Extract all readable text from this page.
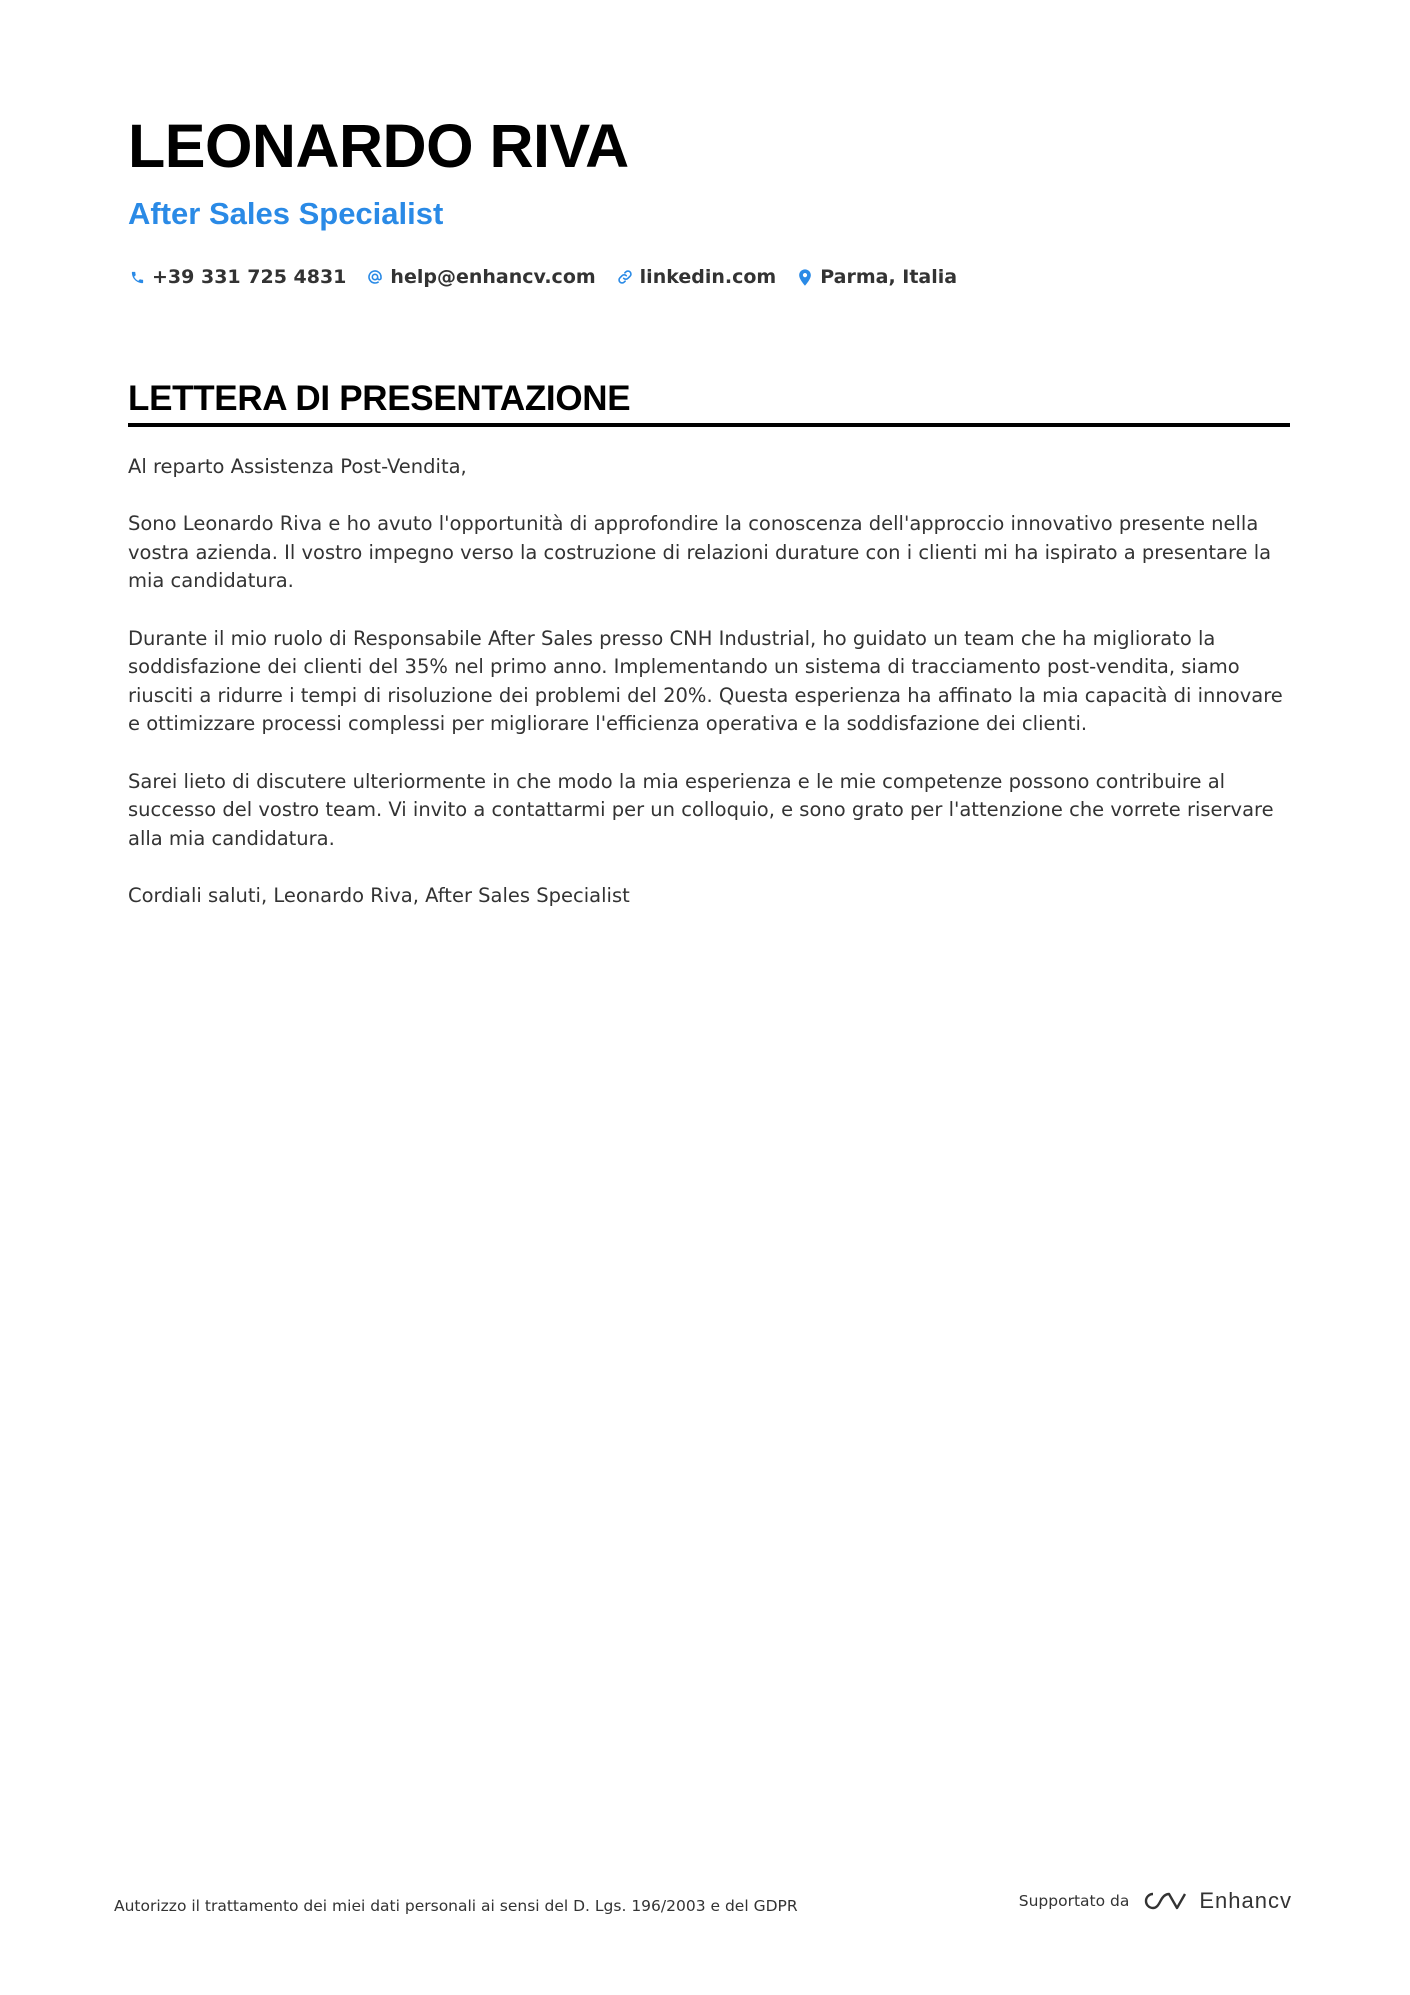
LEONARDO RIVA
After Sales Specialist
+39 331 725 4831 help@enhancv.com linkedin.com Parma, Italia
LETTERA DI PRESENTAZIONE

Al reparto Assistenza Post-Vendita,

Sono Leonardo Riva e ho avuto l'opportunità di approfondire la conoscenza dell'approccio innovativo presente nella vostra azienda. Il vostro impegno verso la costruzione di relazioni durature con i clienti mi ha ispirato a presentare la mia candidatura.

Durante il mio ruolo di Responsabile After Sales presso CNH Industrial, ho guidato un team che ha migliorato la soddisfazione dei clienti del 35% nel primo anno. Implementando un sistema di tracciamento post-vendita, siamo riusciti a ridurre i tempi di risoluzione dei problemi del 20%. Questa esperienza ha affinato la mia capacità di innovare e ottimizzare processi complessi per migliorare l'efficienza operativa e la soddisfazione dei clienti.

Sarei lieto di discutere ulteriormente in che modo la mia esperienza e le mie competenze possono contribuire al successo del vostro team. Vi invito a contattarmi per un colloquio, e sono grato per l'attenzione che vorrete riservare alla mia candidatura.

Cordiali saluti, Leonardo Riva, After Sales Specialist

Autorizzo il trattamento dei miei dati personali ai sensi del D. Lgs. 196/2003 e del GDPR	Supportato da	Enhancv
